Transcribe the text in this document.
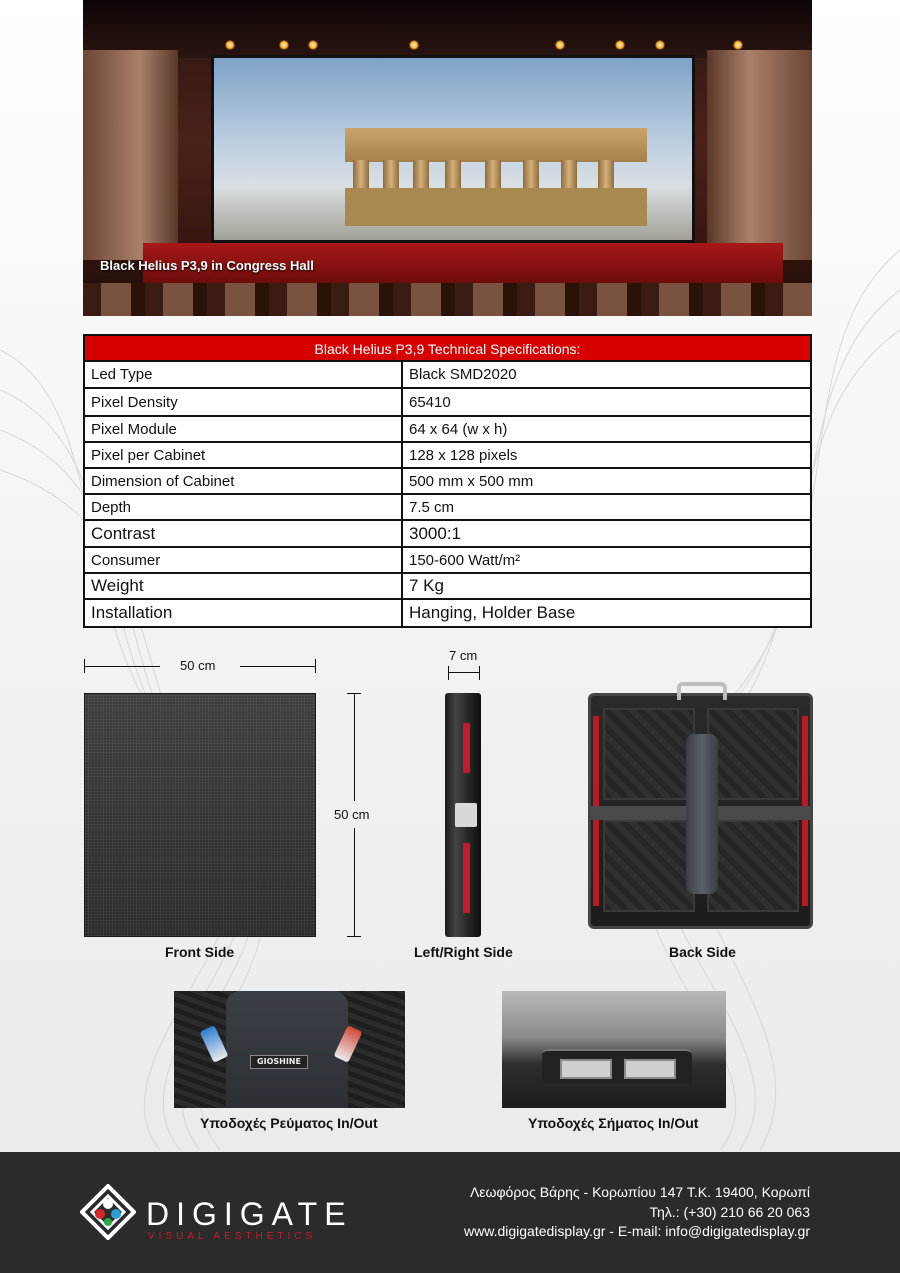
Black Helius P3,9 in Congress Hall
Black Helius P3,9 Technical Specifications:
Led Type	Black SMD2020
Pixel Density	65410
Pixel Module	64 x 64 (w x h)
Pixel per Cabinet	128 x 128 pixels
Dimension of Cabinet	500 mm x 500 mm
Depth	7.5 cm
Contrast	3000:1
Consumer	150-600 Watt/m²
Weight	7 Kg
Installation	Hanging, Holder Base
50 cm
50 cm
7 cm
Front Side	Left/Right Side	Back Side
GIOSHINE
Υποδοχές Ρεύματος In/Out	Υποδοχές Σήματος In/Out
DIGIGATE
VISUAL AESTHETICS
Λεωφόρος Βάρης - Κορωπίου 147 Τ.Κ. 19400, Κορωπί
Τηλ.: (+30) 210 66 20 063
www.digigatedisplay.gr - E-mail: info@digigatedisplay.gr
